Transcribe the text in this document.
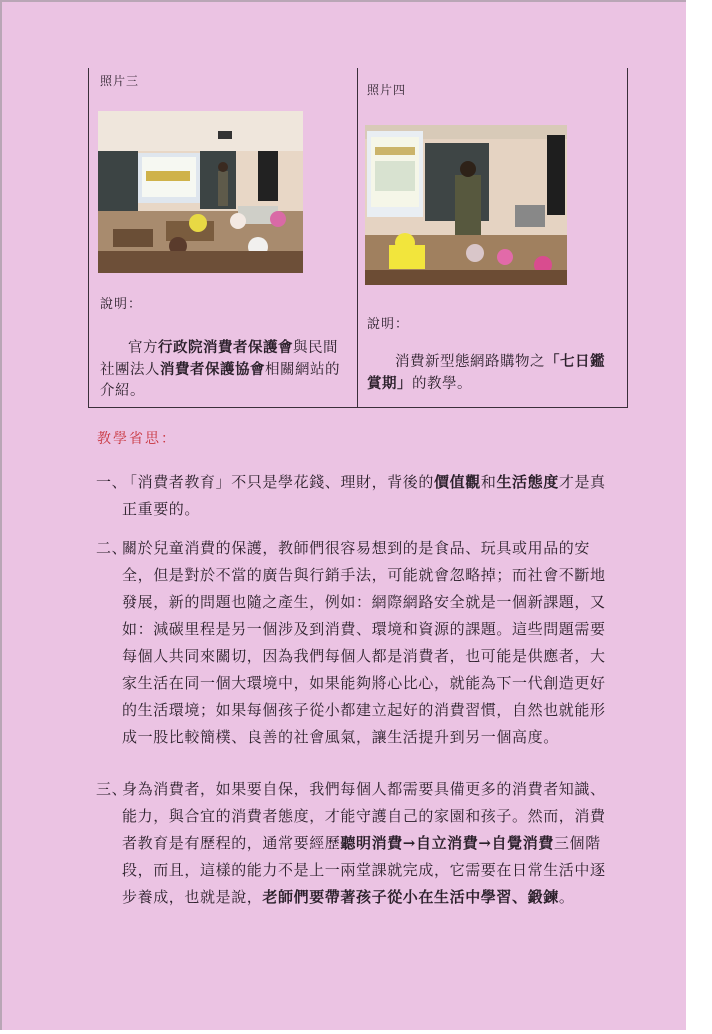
照片三
說明：
官方行政院消費者保護會與民間社團法人消費者保護協會相關網站的介紹。
照片四
說明：
消費新型態網路購物之「七日鑑賞期」的教學。
教學省思：
一、
「消費者教育」不只是學花錢、理財，背後的價值觀和生活態度才是真正重要的。
二、
關於兒童消費的保護，教師們很容易想到的是食品、玩具或用品的安全，但是對於不當的廣告與行銷手法，可能就會忽略掉；而社會不斷地發展，新的問題也隨之產生，例如：網際網路安全就是一個新課題，又如：減碳里程是另一個涉及到消費、環境和資源的課題。這些問題需要每個人共同來關切，因為我們每個人都是消費者，也可能是供應者，大家生活在同一個大環境中，如果能夠將心比心，就能為下一代創造更好的生活環境；如果每個孩子從小都建立起好的消費習慣，自然也就能形成一股比較簡樸、良善的社會風氣，讓生活提升到另一個高度。
三、
身為消費者，如果要自保，我們每個人都需要具備更多的消費者知識、能力，與合宜的消費者態度，才能守護自己的家園和孩子。然而，消費者教育是有歷程的，通常要經歷聽明消費→自立消費→自覺消費三個階段，而且，這樣的能力不是上一兩堂課就完成，它需要在日常生活中逐步養成，也就是說，老師們要帶著孩子從小在生活中學習、鍛鍊。
